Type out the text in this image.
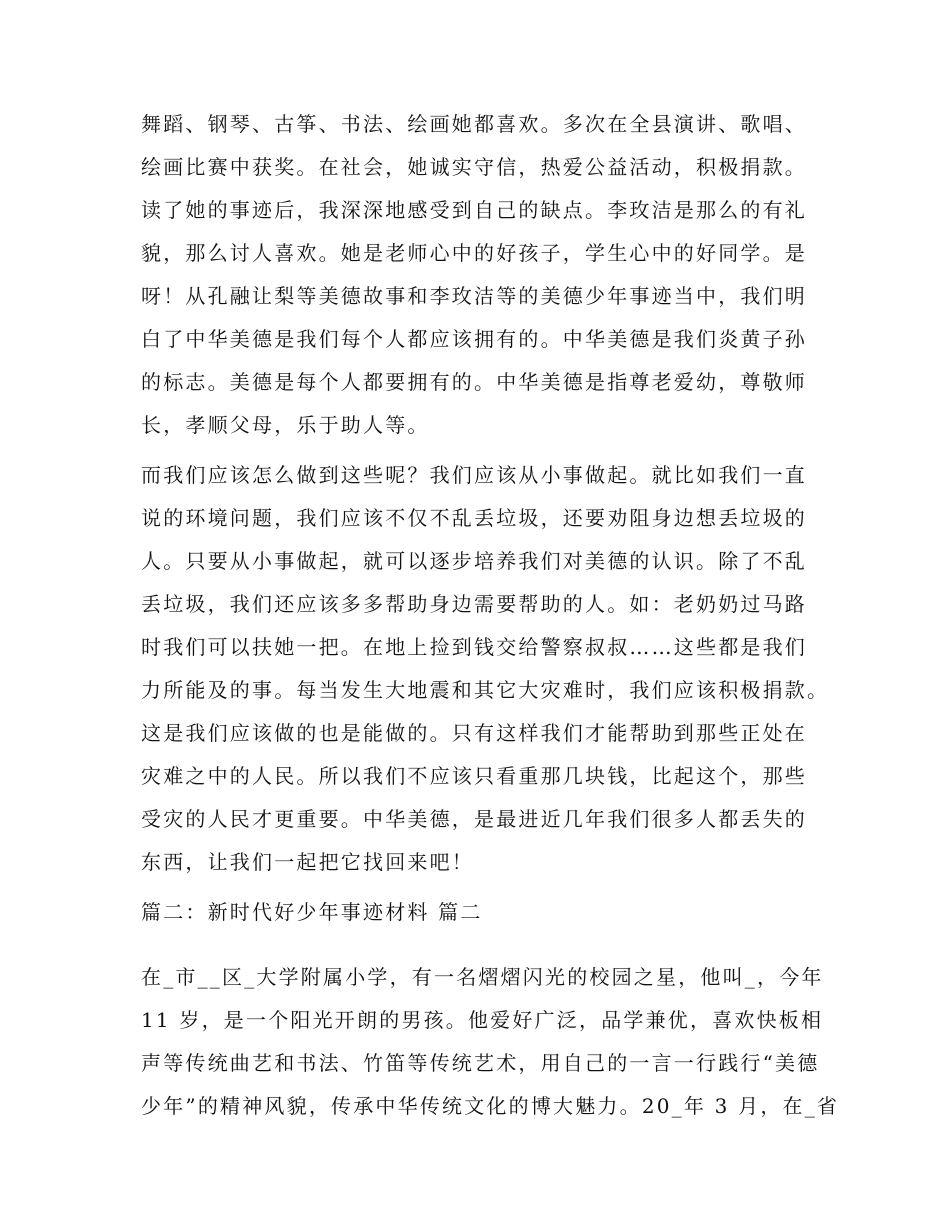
舞蹈、钢琴、古筝、书法、绘画她都喜欢。多次在全县演讲、歌唱、
绘画比赛中获奖。在社会，她诚实守信，热爱公益活动，积极捐款。
读了她的事迹后，我深深地感受到自己的缺点。李玫洁是那么的有礼
貌，那么讨人喜欢。她是老师心中的好孩子，学生心中的好同学。是
呀！从孔融让梨等美德故事和李玫洁等的美德少年事迹当中，我们明
白了中华美德是我们每个人都应该拥有的。中华美德是我们炎黄子孙
的标志。美德是每个人都要拥有的。中华美德是指尊老爱幼，尊敬师
长，孝顺父母，乐于助人等。
而我们应该怎么做到这些呢？我们应该从小事做起。就比如我们一直
说的环境问题，我们应该不仅不乱丢垃圾，还要劝阻身边想丢垃圾的
人。只要从小事做起，就可以逐步培养我们对美德的认识。除了不乱
丢垃圾，我们还应该多多帮助身边需要帮助的人。如：老奶奶过马路
时我们可以扶她一把。在地上捡到钱交给警察叔叔……这些都是我们
力所能及的事。每当发生大地震和其它大灾难时，我们应该积极捐款。
这是我们应该做的也是能做的。只有这样我们才能帮助到那些正处在
灾难之中的人民。所以我们不应该只看重那几块钱，比起这个，那些
受灾的人民才更重要。中华美德，是最进近几年我们很多人都丢失的
东西，让我们一起把它找回来吧！
篇二：新时代好少年事迹材料 篇二
在_市__区_大学附属小学，有一名熠熠闪光的校园之星，他叫_，今年
11 岁，是一个阳光开朗的男孩。他爱好广泛，品学兼优，喜欢快板相
声等传统曲艺和书法、竹笛等传统艺术，用自己的一言一行践行“美德
少年”的精神风貌，传承中华传统文化的博大魅力。20_年 3 月，在_省
